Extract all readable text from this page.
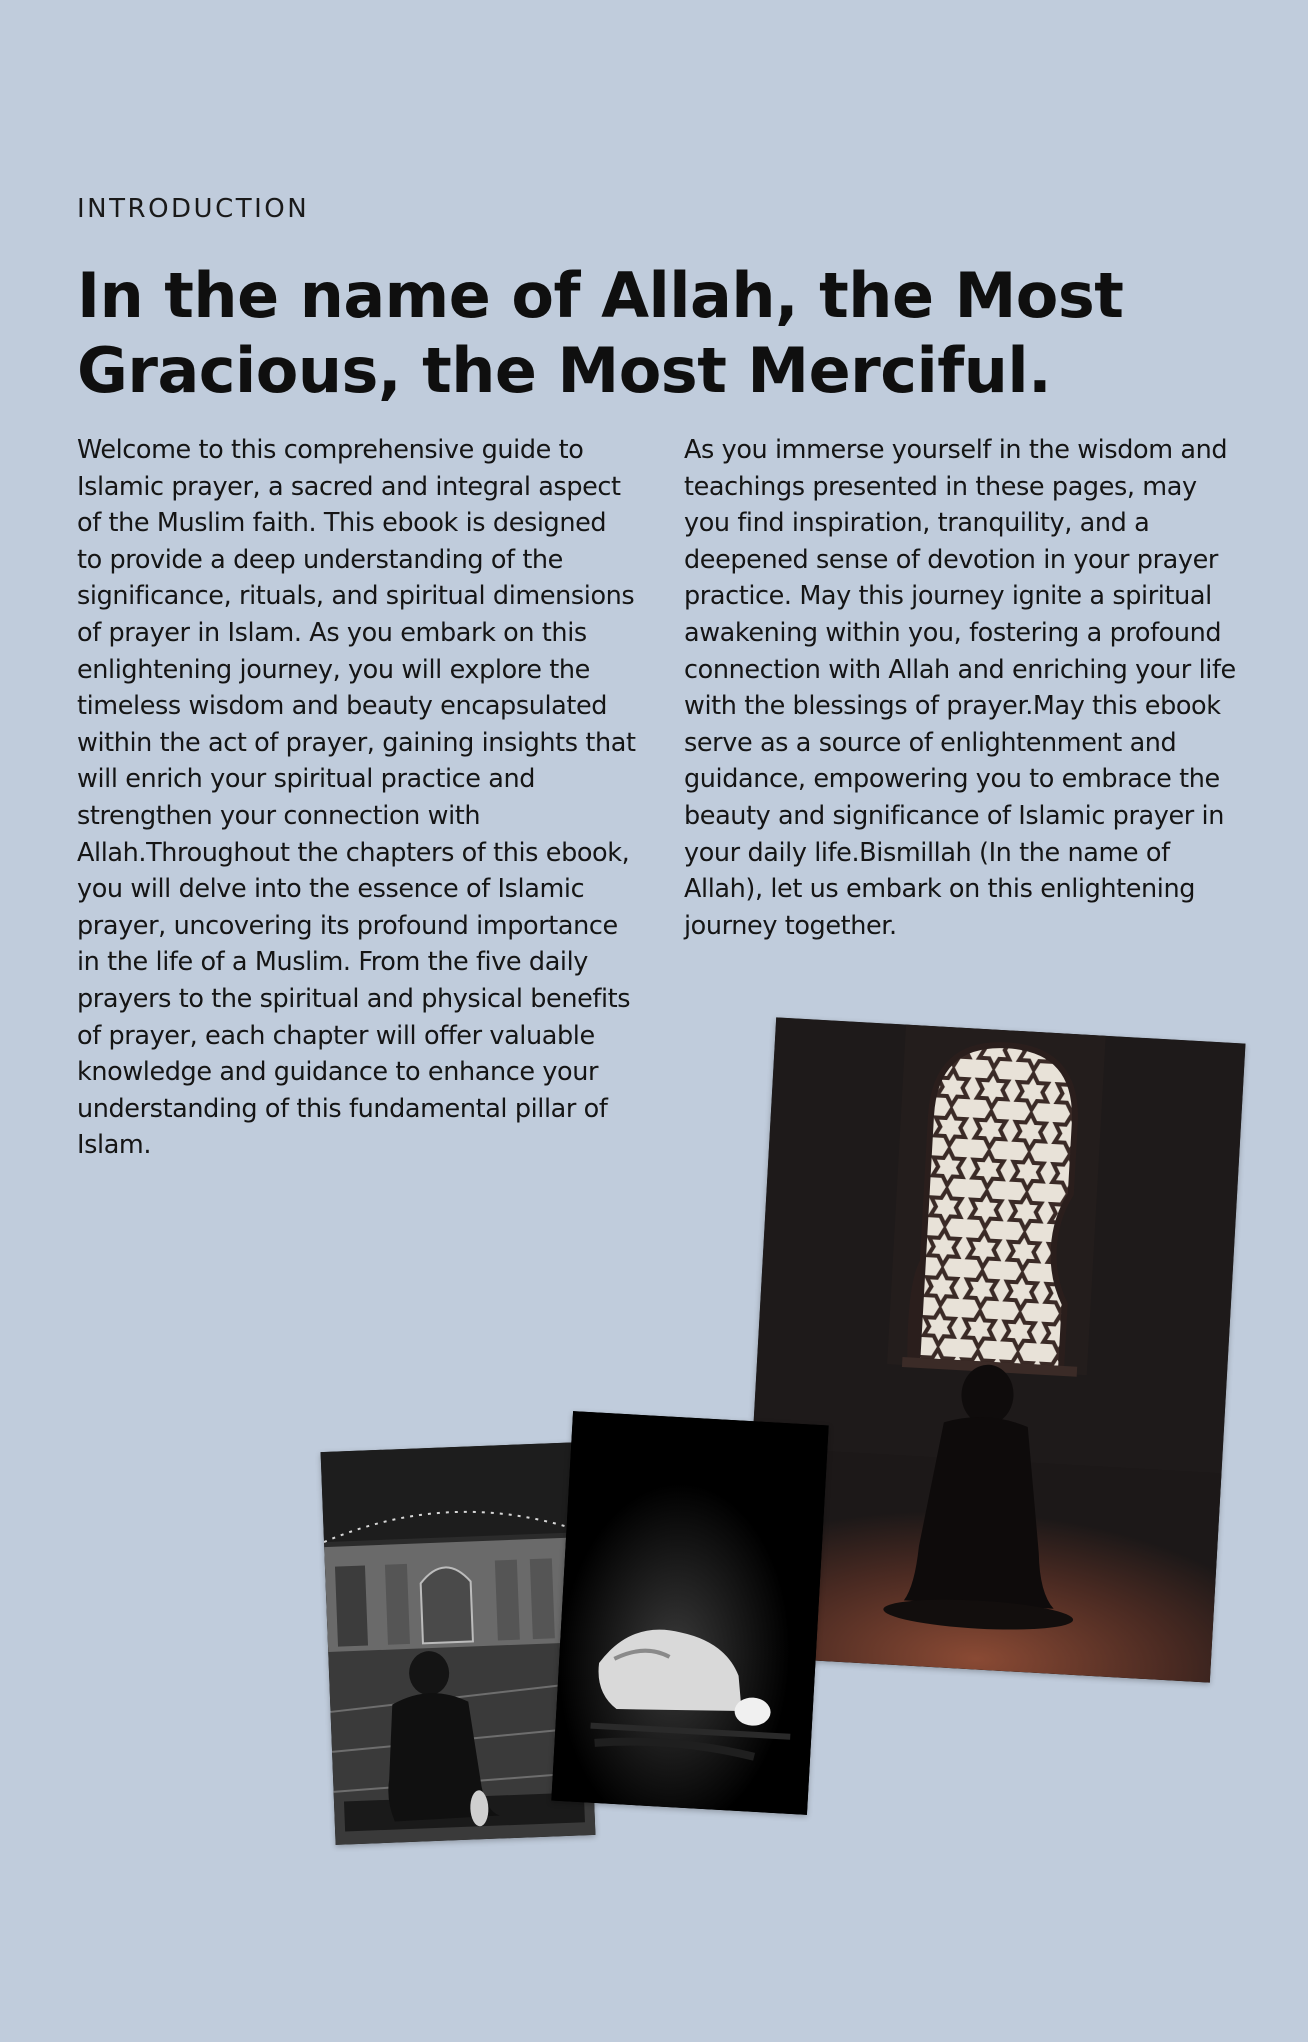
INTRODUCTION
In the name of Allah, the Most Gracious, the Most Merciful.

Welcome to this comprehensive guide to Islamic prayer, a sacred and integral aspect of the Muslim faith. This ebook is designed to provide a deep understanding of the significance, rituals, and spiritual dimensions of prayer in Islam. As you embark on this enlightening journey, you will explore the timeless wisdom and beauty encapsulated within the act of prayer, gaining insights that will enrich your spiritual practice and strengthen your connection with Allah.Throughout the chapters of this ebook, you will delve into the essence of Islamic prayer, uncovering its profound importance in the life of a Muslim. From the five daily prayers to the spiritual and physical benefits of prayer, each chapter will offer valuable knowledge and guidance to enhance your understanding of this fundamental pillar of Islam.

As you immerse yourself in the wisdom and teachings presented in these pages, may you find inspiration, tranquility, and a deepened sense of devotion in your prayer practice. May this journey ignite a spiritual awakening within you, fostering a profound connection with Allah and enriching your life with the blessings of prayer.May this ebook serve as a source of enlightenment and guidance, empowering you to embrace the beauty and significance of Islamic prayer in your daily life.Bismillah (In the name of Allah), let us embark on this enlightening journey together.
